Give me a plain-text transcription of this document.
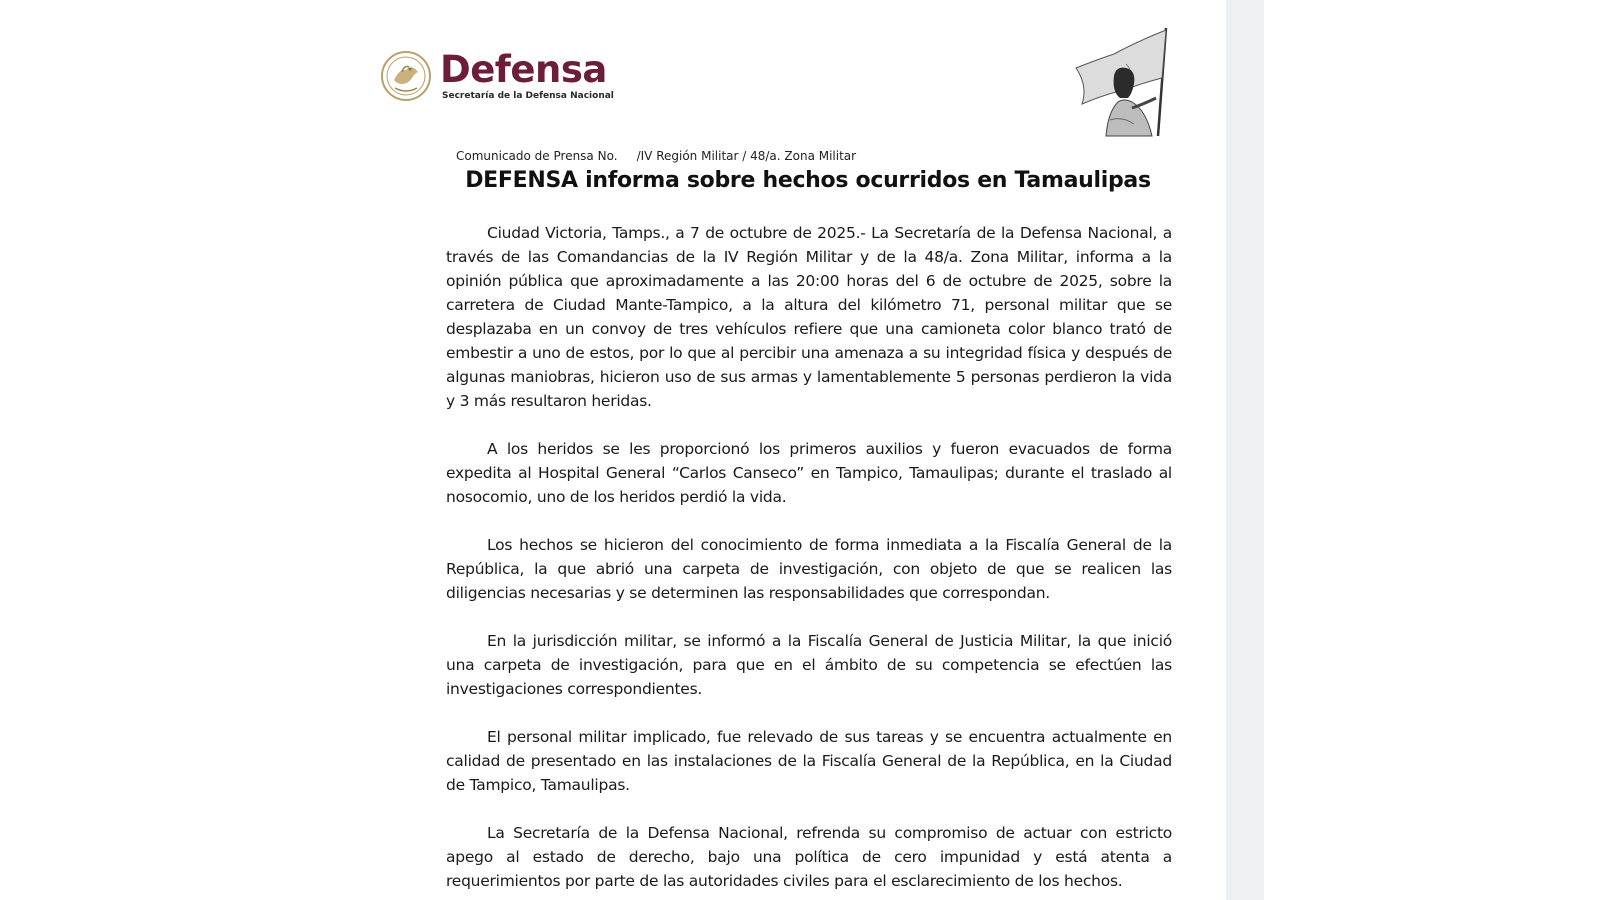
Defensa
Secretaría de la Defensa Nacional
Comunicado de Prensa No.     /IV Región Militar / 48/a. Zona Militar
DEFENSA informa sobre hechos ocurridos en Tamaulipas

Ciudad Victoria, Tamps., a 7 de octubre de 2025.- La Secretaría de la Defensa Nacional, a través de las Comandancias de la IV Región Militar y de la 48/a. Zona Militar, informa a la opinión pública que aproximadamente a las 20:00 horas del 6 de octubre de 2025, sobre la carretera de Ciudad Mante-Tampico, a la altura del kilómetro 71, personal militar que se desplazaba en un convoy de tres vehículos refiere que una camioneta color blanco trató de embestir a uno de estos, por lo que al percibir una amenaza a su integridad física y después de algunas maniobras, hicieron uso de sus armas y lamentablemente 5 personas perdieron la vida y 3 más resultaron heridas.

A los heridos se les proporcionó los primeros auxilios y fueron evacuados de forma expedita al Hospital General “Carlos Canseco” en Tampico, Tamaulipas; durante el traslado al nosocomio, uno de los heridos perdió la vida.

Los hechos se hicieron del conocimiento de forma inmediata a la Fiscalía General de la República, la que abrió una carpeta de investigación, con objeto de que se realicen las diligencias necesarias y se determinen las responsabilidades que correspondan.

En la jurisdicción militar, se informó a la Fiscalía General de Justicia Militar, la que inició una carpeta de investigación, para que en el ámbito de su competencia se efectúen las investigaciones correspondientes.

El personal militar implicado, fue relevado de sus tareas y se encuentra actualmente en calidad de presentado en las instalaciones de la Fiscalía General de la República, en la Ciudad de Tampico, Tamaulipas.

La Secretaría de la Defensa Nacional, refrenda su compromiso de actuar con estricto apego al estado de derecho, bajo una política de cero impunidad y está atenta a requerimientos por parte de las autoridades civiles para el esclarecimiento de los hechos.
